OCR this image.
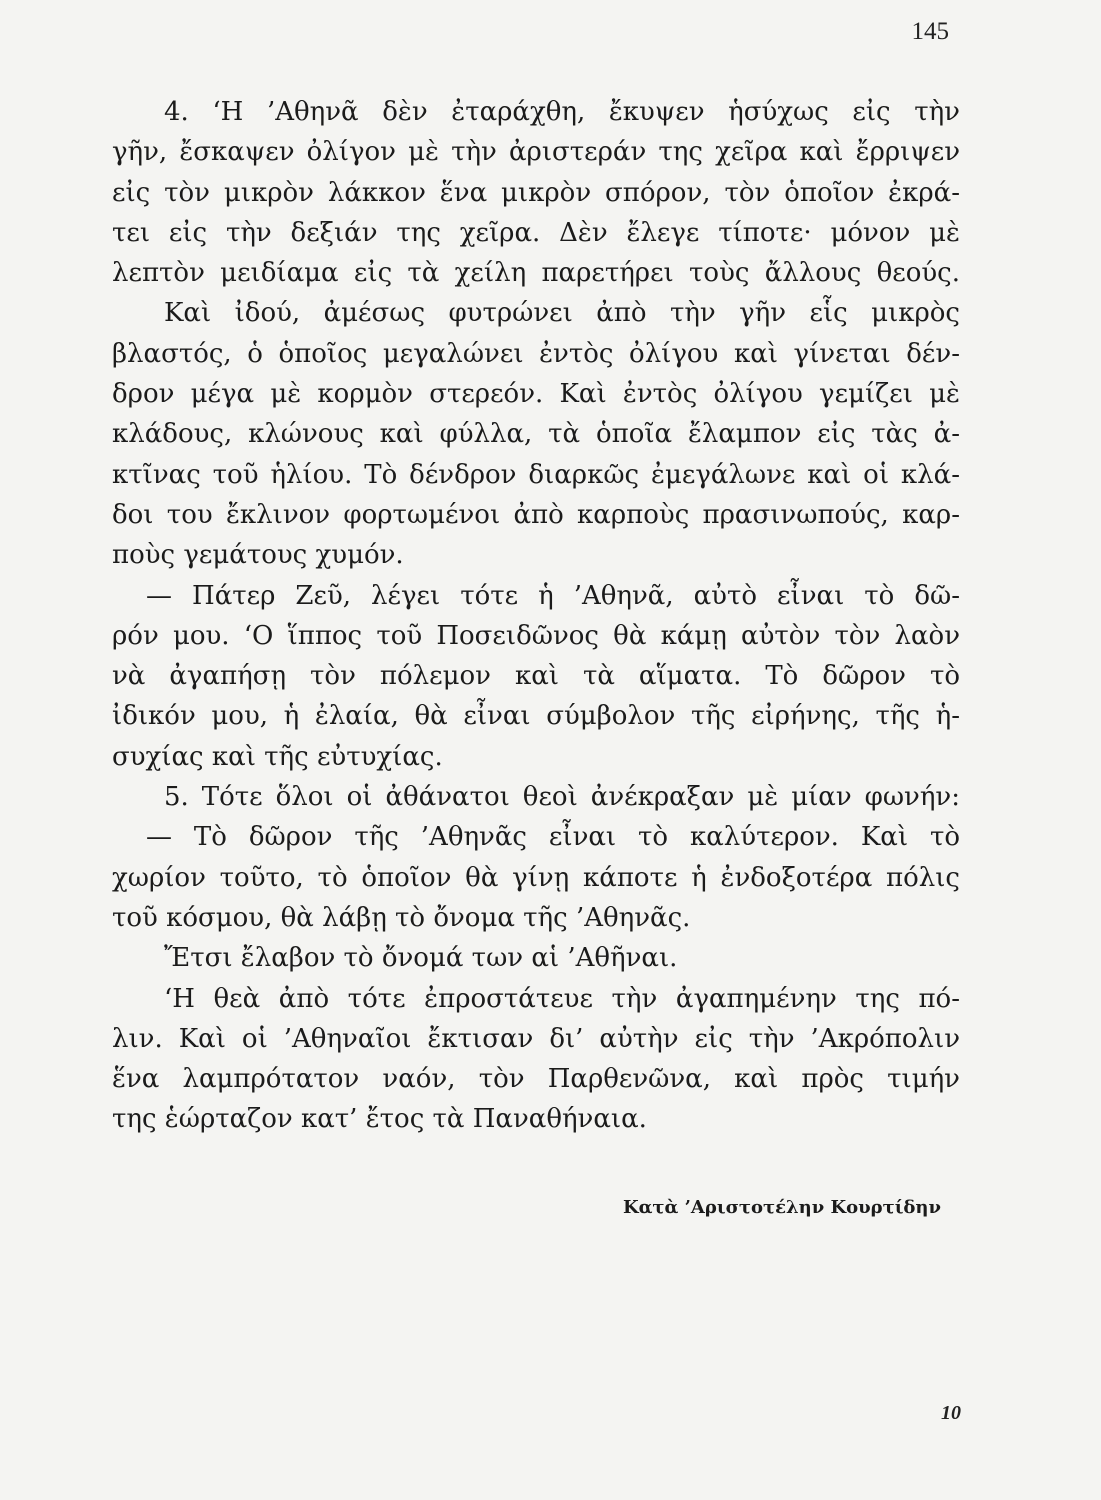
145
4. ‘Η ’Αθηνᾶ δὲν ἐταράχθη, ἔκυψεν ἡσύχως εἰς τὴν
γῆν, ἔσκαψεν ὀλίγον μὲ τὴν ἀριστεράν της χεῖρα καὶ ἔρριψεν
εἰς τὸν μικρὸν λάκκον ἕνα μικρὸν σπόρον, τὸν ὁποῖον ἐκρά-
τει εἰς τὴν δεξιάν της χεῖρα. Δὲν ἔλεγε τίποτε· μόνον μὲ
λεπτὸν μειδίαμα εἰς τὰ χείλη παρετήρει τοὺς ἄλλους θεούς.
Καὶ ἰδού, ἀμέσως φυτρώνει ἀπὸ τὴν γῆν εἷς μικρὸς
βλαστός, ὁ ὁποῖος μεγαλώνει ἐντὸς ὀλίγου καὶ γίνεται δέν-
δρον μέγα μὲ κορμὸν στερεόν. Καὶ ἐντὸς ὀλίγου γεμίζει μὲ
κλάδους, κλώνους καὶ φύλλα, τὰ ὁποῖα ἔλαμπον εἰς τὰς ἀ-
κτῖνας τοῦ ἡλίου. Τὸ δένδρον διαρκῶς ἐμεγάλωνε καὶ οἱ κλά-
δοι του ἔκλινον φορτωμένοι ἀπὸ καρποὺς πρασινωπούς, καρ-
ποὺς γεμάτους χυμόν.
— Πάτερ Ζεῦ, λέγει τότε ἡ ’Αθηνᾶ, αὐτὸ εἶναι τὸ δῶ-
ρόν μου. ‘Ο ἵππος τοῦ Ποσειδῶνος θὰ κάμῃ αὐτὸν τὸν λαὸν
νὰ ἀγαπήσῃ τὸν πόλεμον καὶ τὰ αἵματα. Τὸ δῶρον τὸ
ἰδικόν μου, ἡ ἐλαία, θὰ εἶναι σύμβολον τῆς εἰρήνης, τῆς ἡ-
συχίας καὶ τῆς εὐτυχίας.
5. Τότε ὅλοι οἱ ἀθάνατοι θεοὶ ἀνέκραξαν μὲ μίαν φωνήν:
— Τὸ δῶρον τῆς ’Αθηνᾶς εἶναι τὸ καλύτερον. Καὶ τὸ
χωρίον τοῦτο, τὸ ὁποῖον θὰ γίνῃ κάποτε ἡ ἐνδοξοτέρα πόλις
τοῦ κόσμου, θὰ λάβῃ τὸ ὄνομα τῆς ’Αθηνᾶς.
Ἔτσι ἔλαβον τὸ ὄνομά των αἱ ’Αθῆναι.
‘Η θεὰ ἀπὸ τότε ἐπροστάτευε τὴν ἀγαπημένην της πό-
λιν. Καὶ οἱ ’Αθηναῖοι ἔκτισαν δι’ αὐτὴν εἰς τὴν ’Ακρόπολιν
ἕνα λαμπρότατον ναόν, τὸν Παρθενῶνα, καὶ πρὸς τιμήν
της ἑώρταζον κατ’ ἔτος τὰ Παναθήναια.
Κατὰ ’Αριστοτέλην Κουρτίδην
10
